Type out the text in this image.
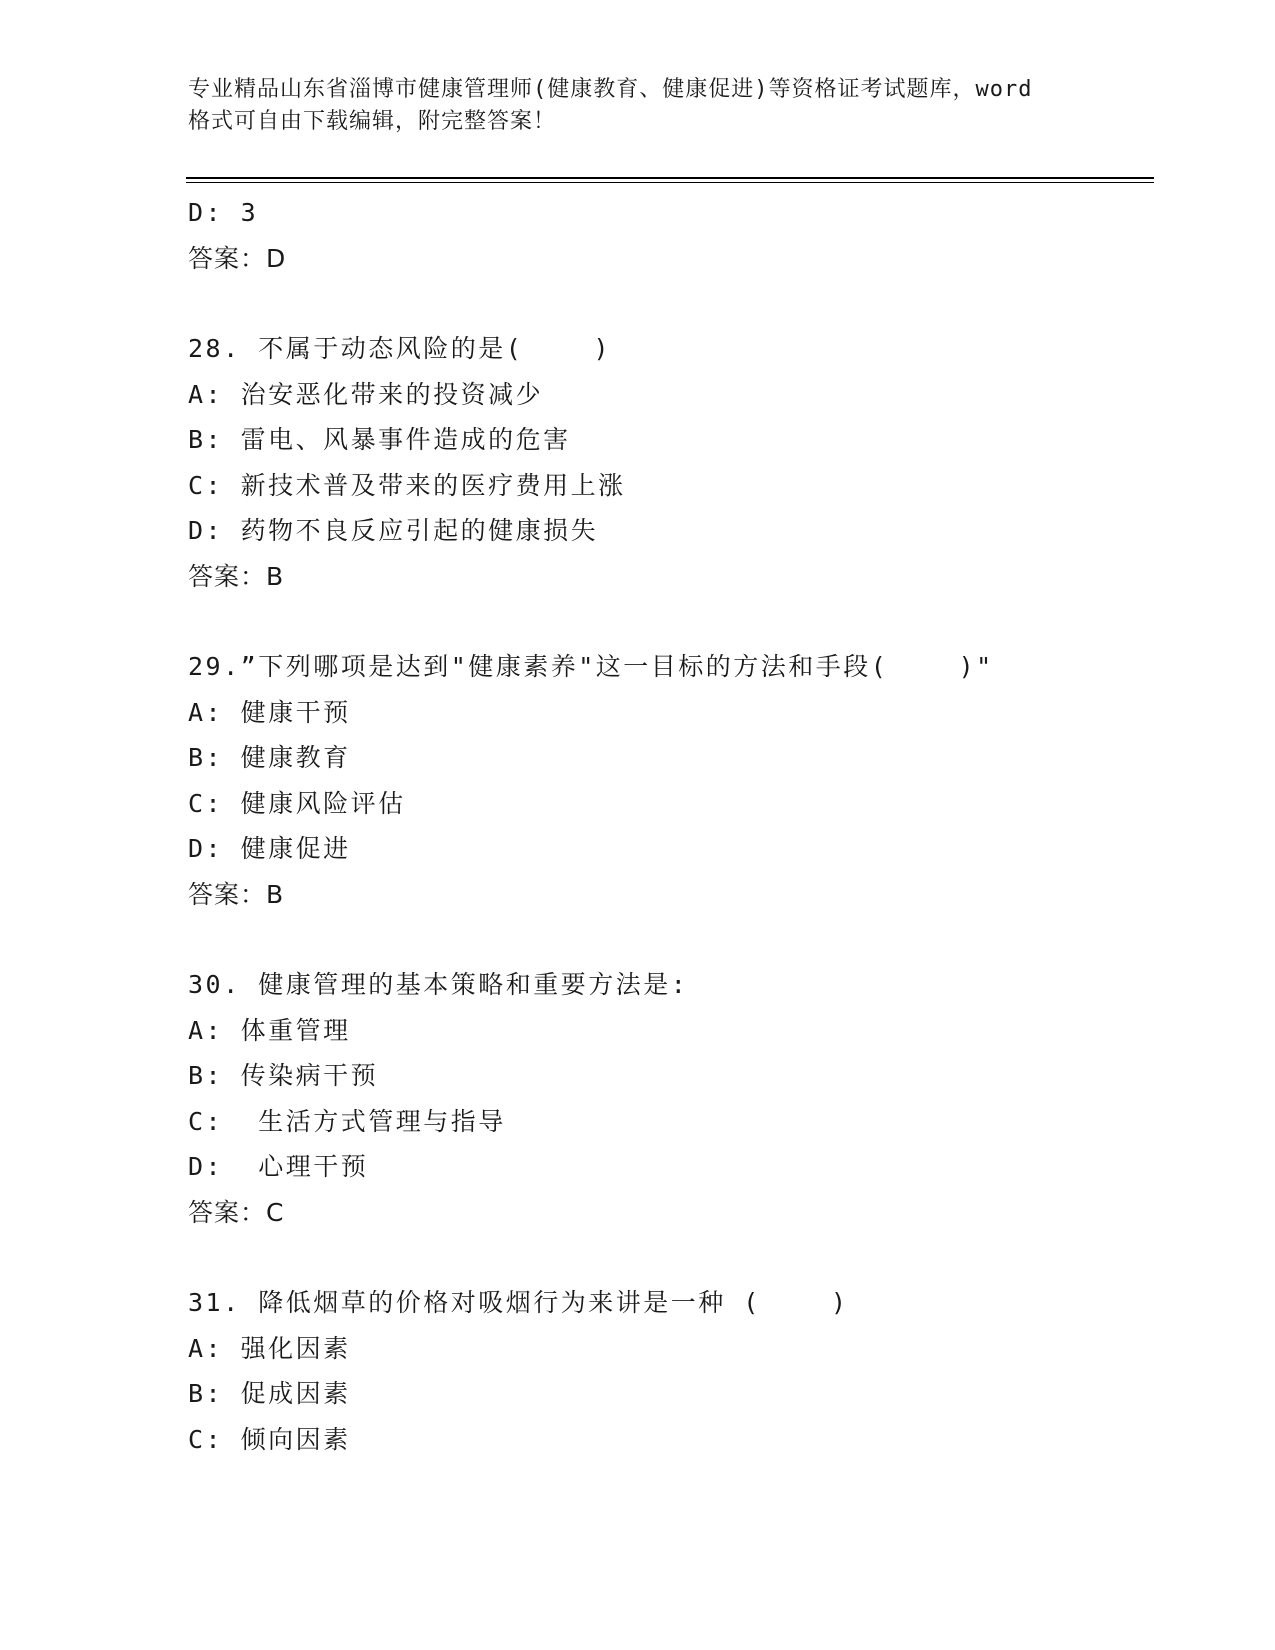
专业精品山东省淄博市健康管理师(健康教育、健康促进)等资格证考试题库，word
格式可自由下载编辑，附完整答案！
D: 3
答案：D
28. 不属于动态风险的是(    )
A: 治安恶化带来的投资减少
B: 雷电、风暴事件造成的危害
C: 新技术普及带来的医疗费用上涨
D: 药物不良反应引起的健康损失
答案：B
29.”下列哪项是达到"健康素养"这一目标的方法和手段(    )"
A: 健康干预
B: 健康教育
C: 健康风险评估
D: 健康促进
答案：B
30. 健康管理的基本策略和重要方法是:
A: 体重管理
B: 传染病干预
C:  生活方式管理与指导
D:  心理干预
答案：C
31. 降低烟草的价格对吸烟行为来讲是一种 (    )
A: 强化因素
B: 促成因素
C: 倾向因素
